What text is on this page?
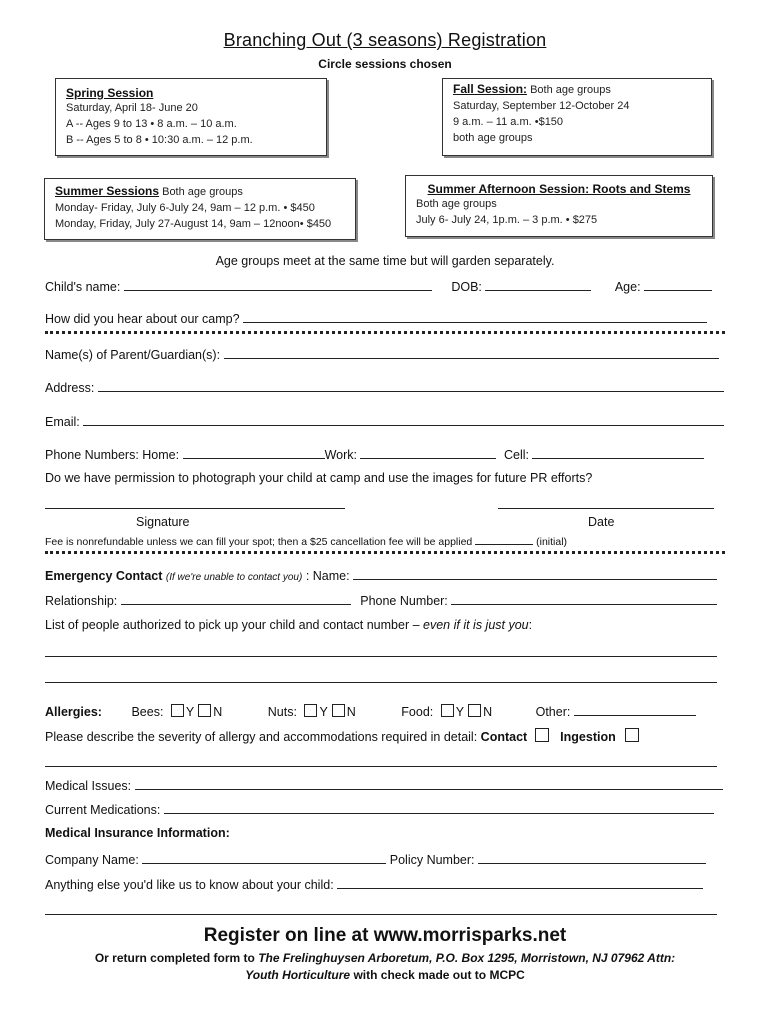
Branching Out (3 seasons) Registration
Circle sessions chosen
Spring Session
Saturday, April 18- June 20
A -- Ages 9 to 13 • 8 a.m. – 10 a.m.
B -- Ages 5 to 8 • 10:30 a.m. – 12 p.m.
Fall Session: Both age groups
Saturday, September 12-October 24
9 a.m. – 11 a.m. •$150
both age groups
Summer Sessions Both age groups
Monday- Friday, July 6-July 24, 9am – 12 p.m. • $450
Monday, Friday, July 27-August 14, 9am – 12noon• $450
Summer Afternoon Session: Roots and Stems
Both age groups
July 6- July 24, 1p.m. – 3 p.m. • $275
Age groups meet at the same time but will garden separately.
Child's name:	DOB:	Age:
How did you hear about our camp?
Name(s) of Parent/Guardian(s):
Address:
Email:
Phone Numbers: Home:	Work:	Cell:
Do we have permission to photograph your child at camp and use the images for future PR efforts?
Signature	Date
Fee is nonrefundable unless we can fill your spot; then a $25 cancellation fee will be applied	(initial)
Emergency Contact (If we're unable to contact you) : Name:
Relationship:	Phone Number:
List of people authorized to pick up your child and contact number – even if it is just you:
Allergies: Bees: Y N	Nuts: Y N	Food: Y N	Other:
Please describe the severity of allergy and accommodations required in detail: Contact	Ingestion
Medical Issues:
Current Medications:
Medical Insurance Information:
Company Name:	Policy Number:
Anything else you'd like us to know about your child:
Register on line at www.morrisparks.net
Or return completed form to The Frelinghuysen Arboretum, P.O. Box 1295, Morristown, NJ 07962 Attn:
Youth Horticulture with check made out to MCPC
